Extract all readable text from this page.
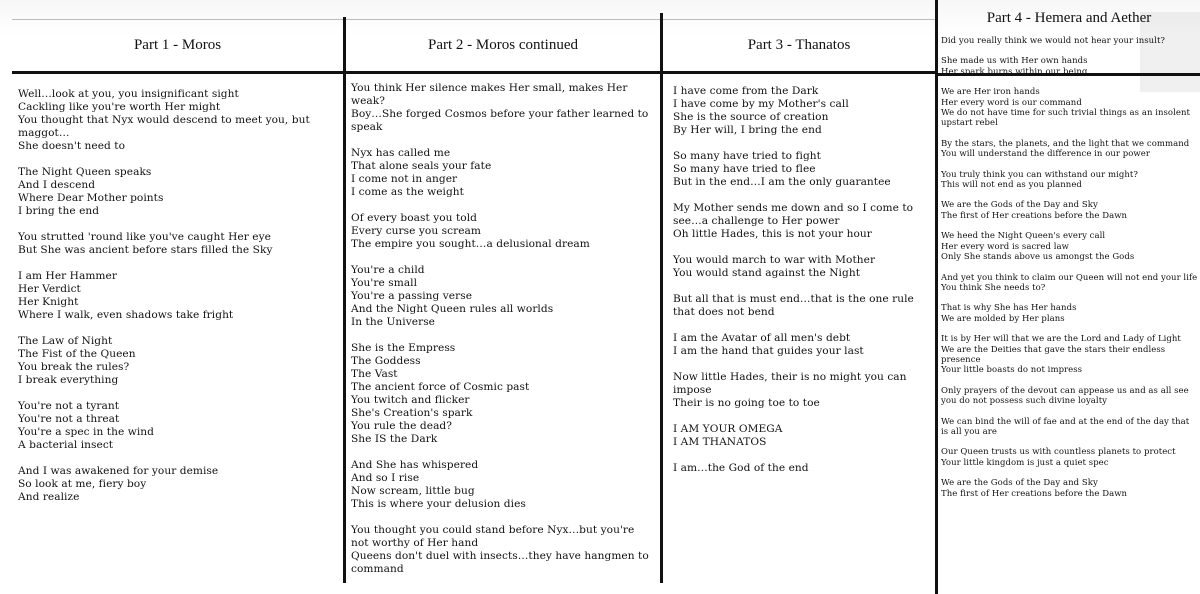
Part 1 - Moros
Well…look at you, you insignificant sight
Cackling like you're worth Her might
You thought that Nyx would descend to meet you, but maggot…
She doesn't need to
The Night Queen speaks
And I descend
Where Dear Mother points
I bring the end
You strutted 'round like you've caught Her eye
But She was ancient before stars filled the Sky
I am Her Hammer
Her Verdict
Her Knight
Where I walk, even shadows take fright
The Law of Night
The Fist of the Queen
You break the rules?
I break everything
You're not a tyrant
You're not a threat
You're a spec in the wind
A bacterial insect
And I was awakened for your demise
So look at me, fiery boy
And realize
Part 2 - Moros continued
You think Her silence makes Her small, makes Her weak?
Boy…She forged Cosmos before your father learned to speak
Nyx has called me
That alone seals your fate
I come not in anger
I come as the weight
Of every boast you told
Every curse you scream
The empire you sought…a delusional dream
You're a child
You're small
You're a passing verse
And the Night Queen rules all worlds
In the Universe
She is the Empress
The Goddess
The Vast
The ancient force of Cosmic past
You twitch and flicker
She's Creation's spark
You rule the dead?
She IS the Dark
And She has whispered
And so I rise
Now scream, little bug
This is where your delusion dies
You thought you could stand before Nyx…but you're not worthy of Her hand
Queens don't duel with insects…they have hangmen to command
Part 3 - Thanatos
I have come from the Dark
I have come by my Mother's call
She is the source of creation
By Her will, I bring the end
So many have tried to fight
So many have tried to flee
But in the end…I am the only guarantee
My Mother sends me down and so I come to see…a challenge to Her power
Oh little Hades, this is not your hour
You would march to war with Mother
You would stand against the Night
But all that is must end…that is the one rule that does not bend
I am the Avatar of all men's debt
I am the hand that guides your last
Now little Hades, their is no might you can impose
Their is no going toe to toe
I AM YOUR OMEGA
I AM THANATOS
I am…the God of the end
Part 4 - Hemera and Aether
Did you really think we would not hear your insult?
She made us with Her own hands
Her spark burns within our being
We are Her iron hands
Her every word is our command
We do not have time for such trivial things as an insolent upstart rebel
By the stars, the planets, and the light that we command
You will understand the difference in our power
You truly think you can withstand our might?
This will not end as you planned
We are the Gods of the Day and Sky
The first of Her creations before the Dawn
We heed the Night Queen's every call
Her every word is sacred law
Only She stands above us amongst the Gods
And yet you think to claim our Queen will not end your life
You think She needs to?
That is why She has Her hands
We are molded by Her plans
It is by Her will that we are the Lord and Lady of Light
We are the Deities that gave the stars their endless presence
Your little boasts do not impress
Only prayers of the devout can appease us and as all see you do not possess such divine loyalty
We can bind the will of fae and at the end of the day that is all you are
Our Queen trusts us with countless planets to protect
Your little kingdom is just a quiet spec
We are the Gods of the Day and Sky
The first of Her creations before the Dawn
